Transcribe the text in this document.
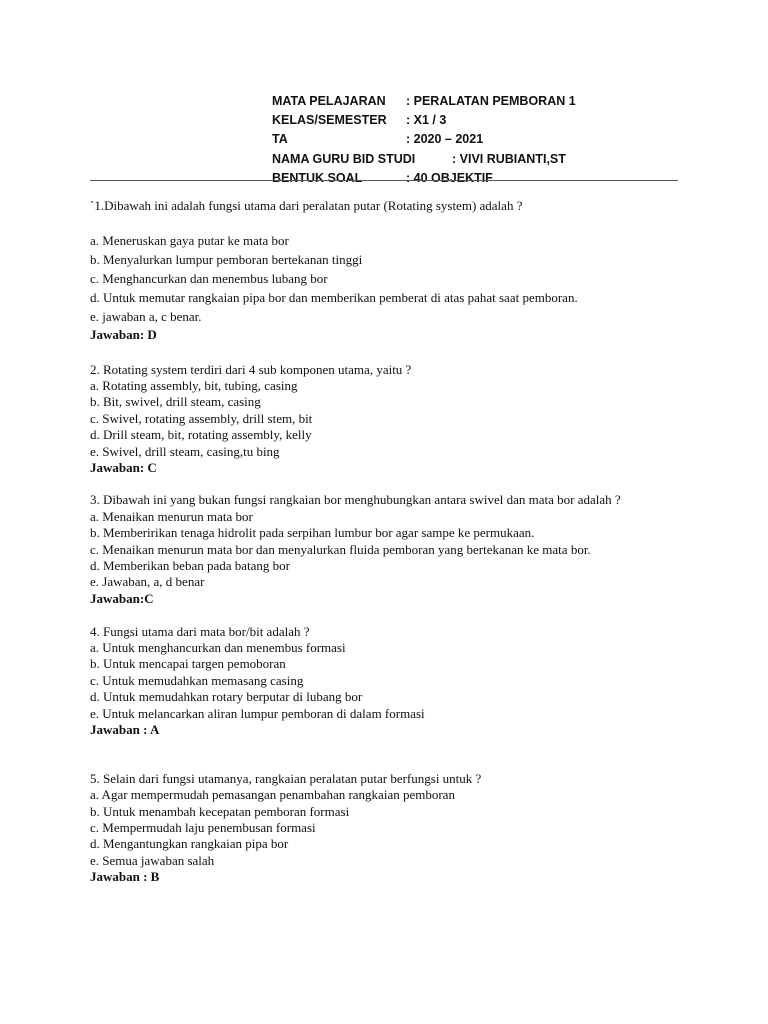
MATA PELAJARAN : PERALATAN PEMBORAN 1
KELAS/SEMESTER : X1 / 3
TA	: 2020 – 2021
NAMA GURU BID STUDI	: VIVI RUBIANTI,ST
BENTUK SOAL	: 40 OBJEKTIF
`1.Dibawah ini adalah fungsi utama dari peralatan putar (Rotating system) adalah ?
a. Meneruskan gaya putar ke mata bor
b. Menyalurkan lumpur pemboran bertekanan tinggi
c. Menghancurkan dan menembus lubang bor
d. Untuk memutar rangkaian pipa bor dan memberikan pemberat di atas pahat saat pemboran.
e. jawaban a, c benar.
Jawaban: D
2. Rotating system terdiri dari 4 sub komponen utama, yaitu ?
a. Rotating assembly, bit, tubing, casing
b. Bit, swivel, drill steam, casing
c. Swivel, rotating assembly, drill stem, bit
d. Drill steam, bit, rotating assembly, kelly
e. Swivel, drill steam, casing,tu bing
Jawaban: C
3. Dibawah ini yang bukan fungsi rangkaian bor menghubungkan antara swivel dan mata bor adalah ?
a. Menaikan menurun mata bor
b. Memberirikan tenaga hidrolit pada serpihan lumbur bor agar sampe ke permukaan.
c. Menaikan menurun mata bor dan menyalurkan fluida pemboran yang bertekanan ke mata bor.
d. Memberikan beban pada batang bor
e. Jawaban, a, d benar
Jawaban:C
4. Fungsi utama dari mata bor/bit adalah ?
a. Untuk menghancurkan dan menembus formasi
b. Untuk mencapai targen pemoboran
c. Untuk memudahkan memasang casing
d. Untuk memudahkan rotary berputar di lubang bor
e. Untuk melancarkan aliran lumpur pemboran di dalam formasi
Jawaban : A
5. Selain dari fungsi utamanya, rangkaian peralatan putar berfungsi untuk ?
a. Agar mempermudah pemasangan penambahan rangkaian pemboran
b. Untuk menambah kecepatan pemboran formasi
c. Mempermudah laju penembusan formasi
d. Mengantungkan rangkaian pipa bor
e. Semua jawaban salah
Jawaban : B
